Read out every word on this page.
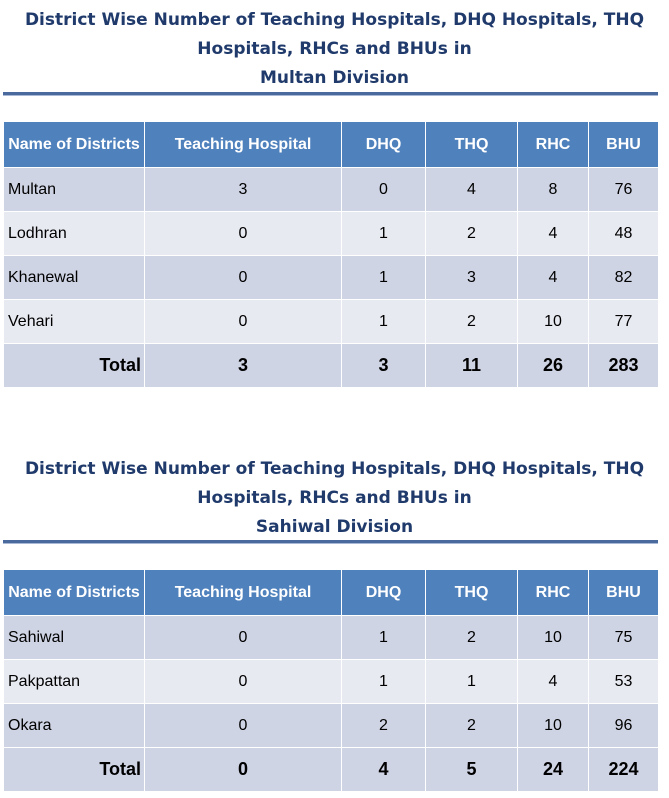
District Wise Number of Teaching Hospitals, DHQ Hospitals, THQ

Hospitals, RHCs and BHUs in

Multan Division

Name of Districts	Teaching Hospital	DHQ	THQ	RHC	BHU
Multan	3	0	4	8	76
Lodhran	0	1	2	4	48
Khanewal	0	1	3	4	82
Vehari	0	1	2	10	77
Total	3	3	11	26	283

District Wise Number of Teaching Hospitals, DHQ Hospitals, THQ

Hospitals, RHCs and BHUs in

Sahiwal Division

Name of Districts	Teaching Hospital	DHQ	THQ	RHC	BHU
Sahiwal	0	1	2	10	75
Pakpattan	0	1	1	4	53
Okara	0	2	2	10	96
Total	0	4	5	24	224
